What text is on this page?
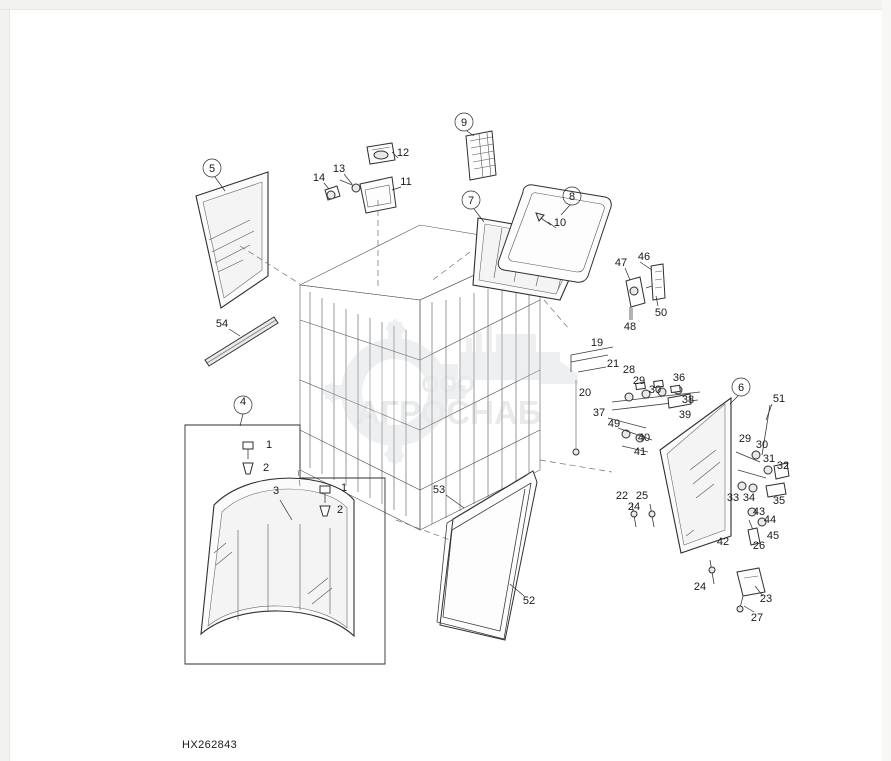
ООО
АГРОСНАБ
1
2
1
2
3
4
5
6
7	8
9
10
11
12
13
14
19
20
21
22
23
24
24
25
26
27
28
29
29
30
30
31
32
33 34 35
36
37
38
39
40
41
42
43
44
45
46
47
48
49
50
51
52
53
54
HX262843
